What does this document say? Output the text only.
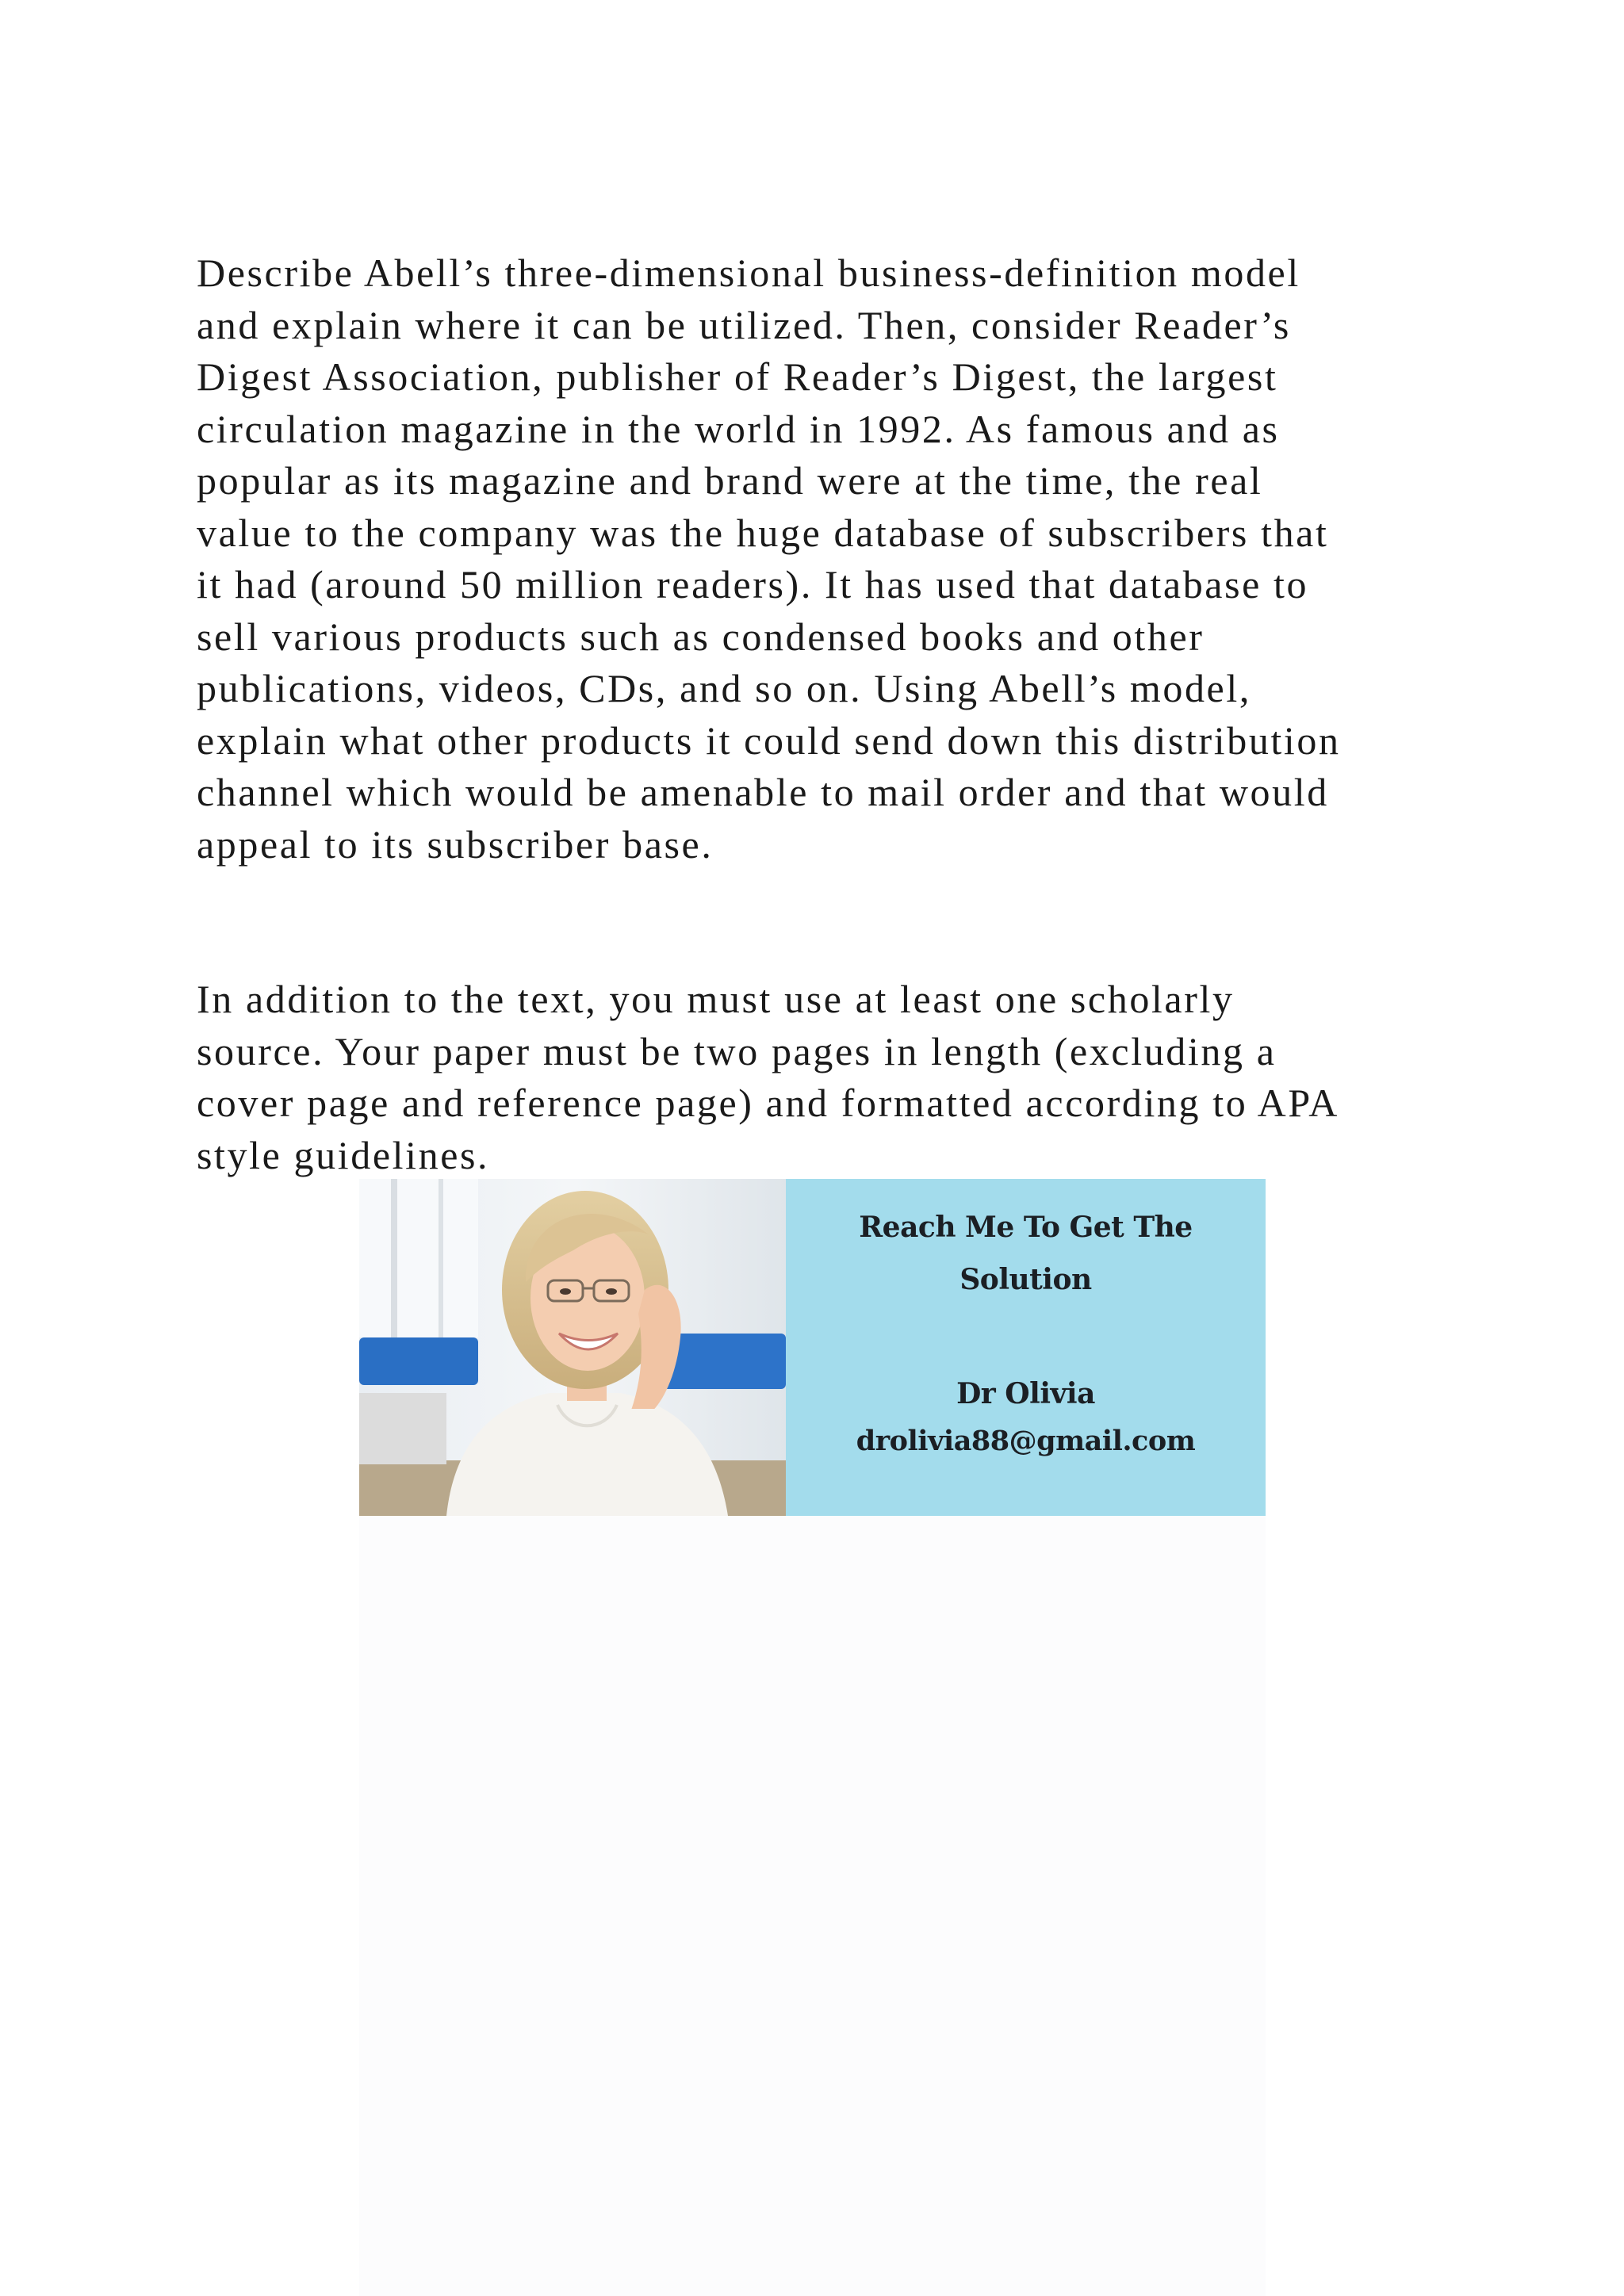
Describe Abell’s three-dimensional business-definition model
and explain where it can be utilized. Then, consider Reader’s
Digest Association, publisher of Reader’s Digest, the largest
circulation magazine in the world in 1992. As famous and as
popular as its magazine and brand were at the time, the real
value to the company was the huge database of subscribers that
it had (around 50 million readers). It has used that database to
sell various products such as condensed books and other
publications, videos, CDs, and so on. Using Abell’s model,
explain what other products it could send down this distribution
channel which would be amenable to mail order and that would
appeal to its subscriber base.

In addition to the text, you must use at least one scholarly
source. Your paper must be two pages in length (excluding a
cover page and reference page) and formatted according to APA
style guidelines.

Reach Me To Get The
Solution
Dr Olivia
drolivia88@gmail.com
